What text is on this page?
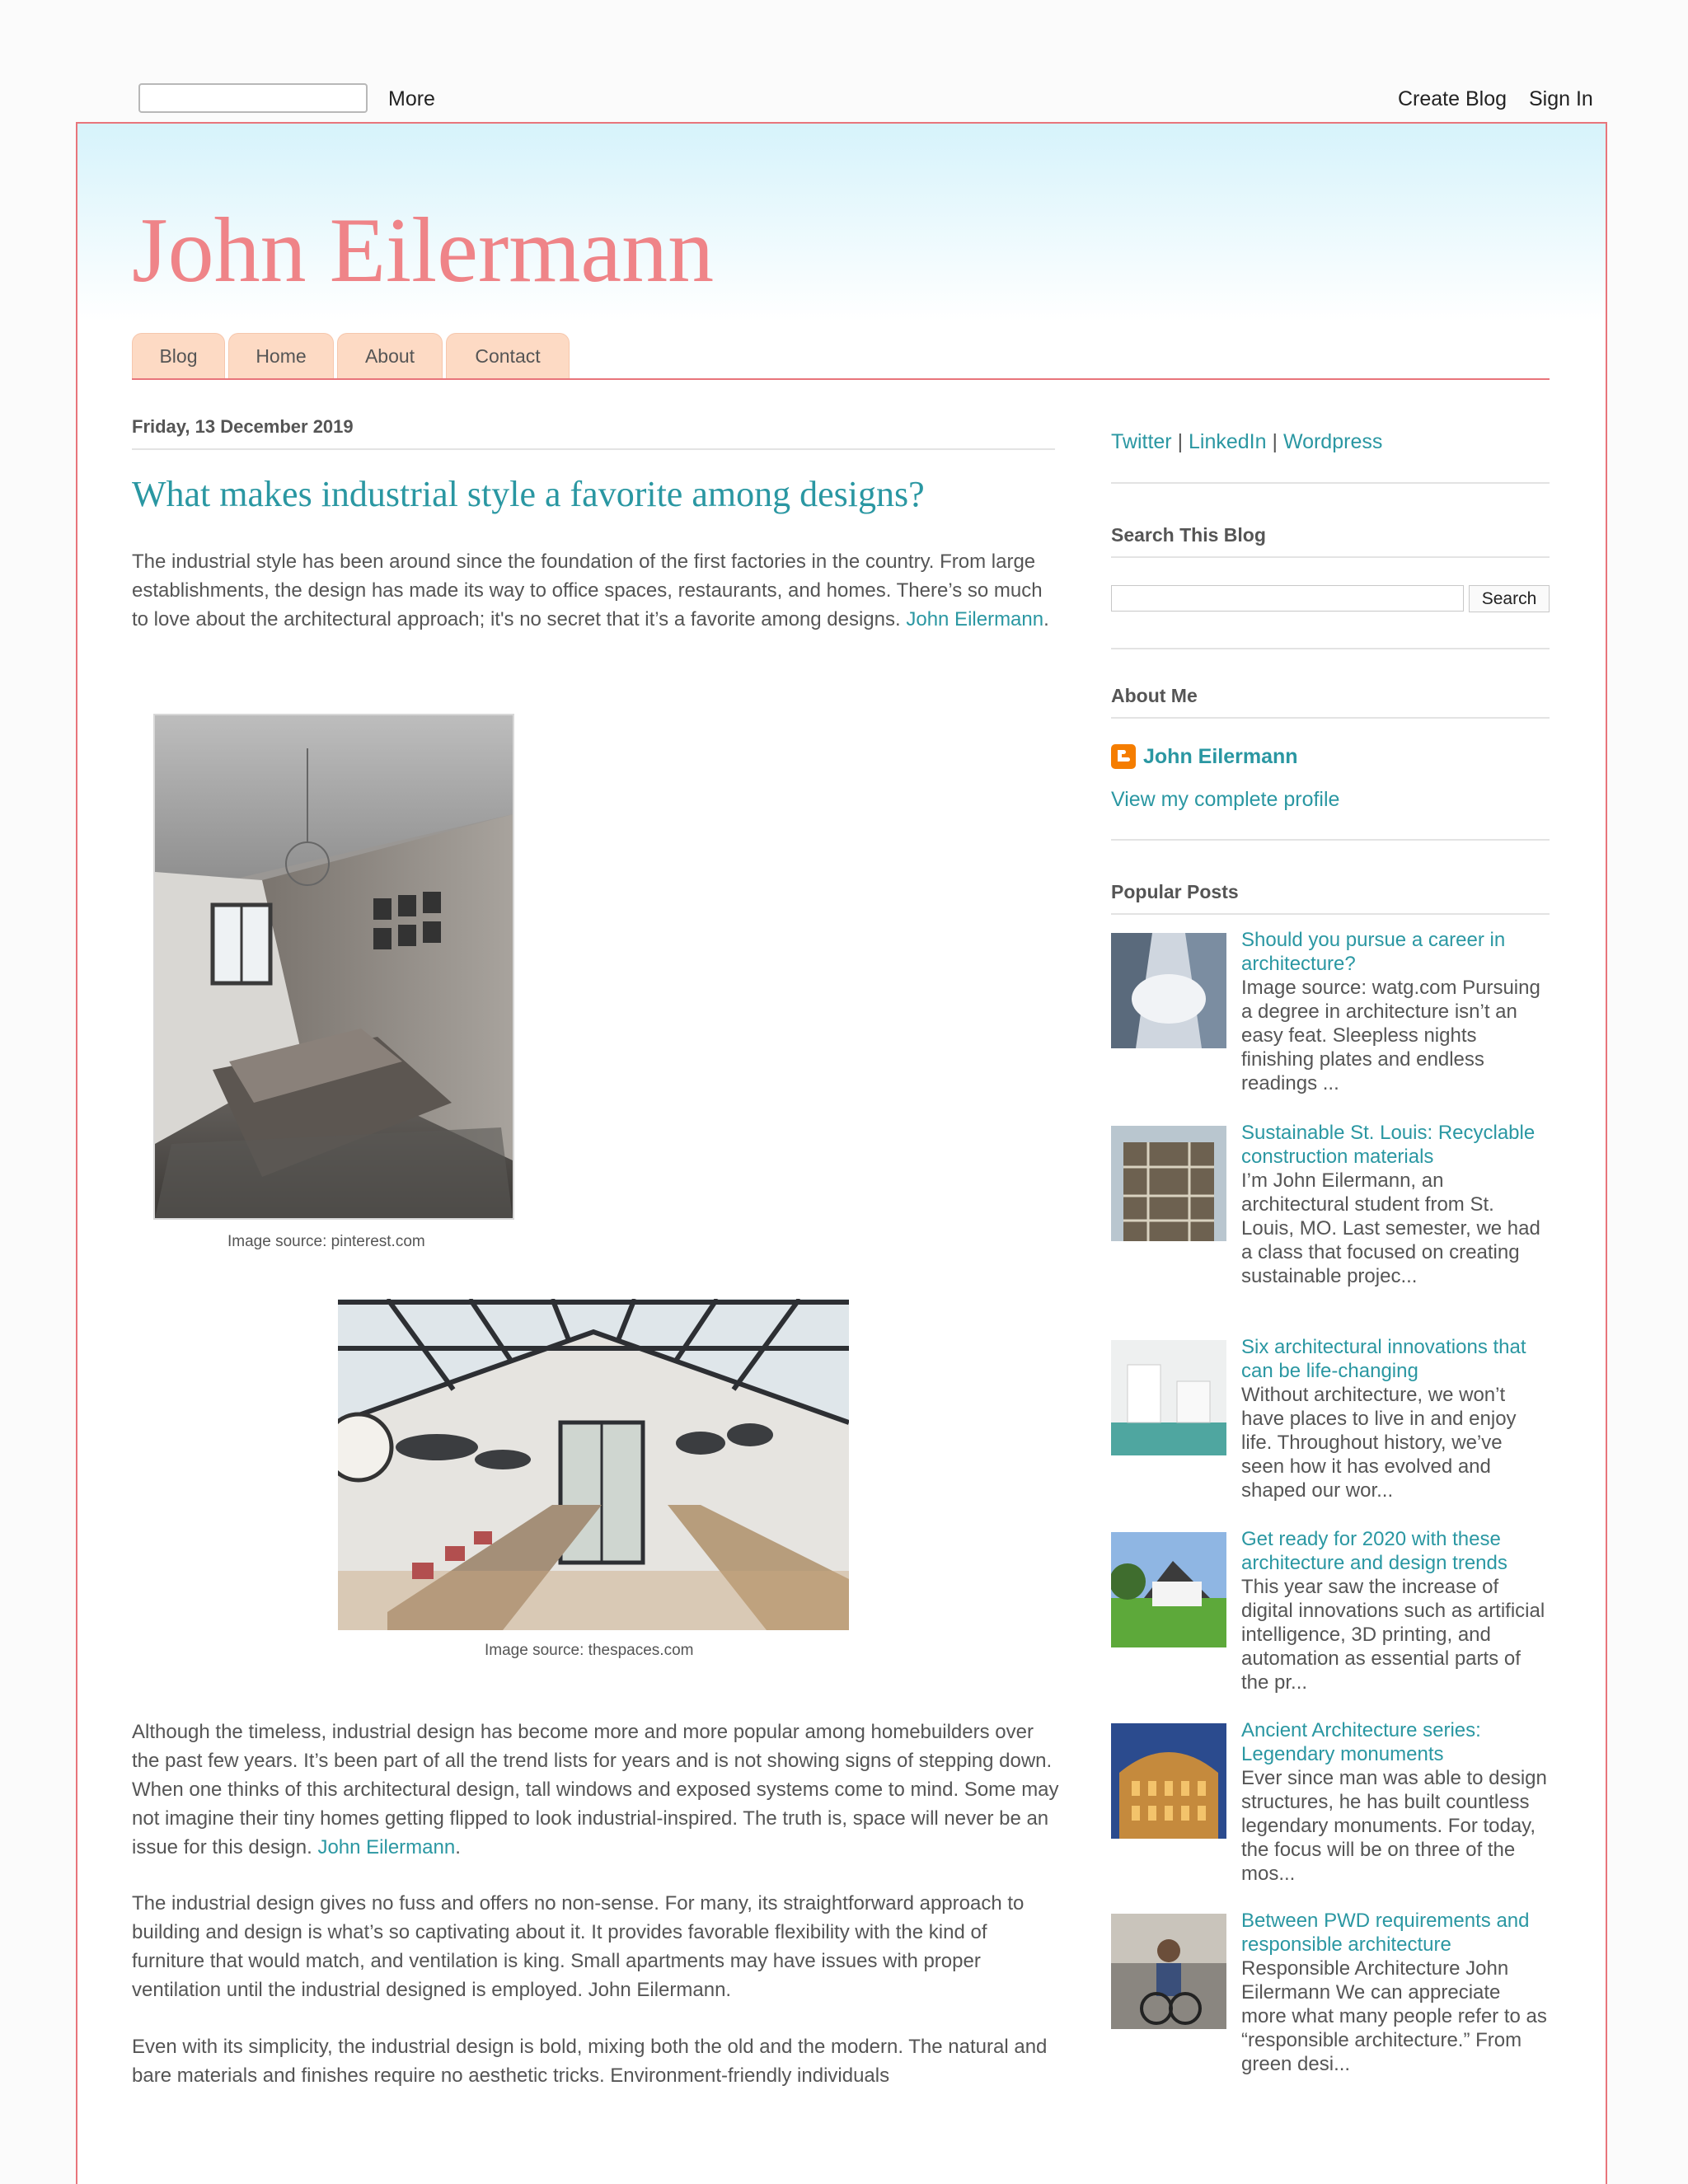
More	Create Blog Sign In
John Eilermann
Blog	Home	About	Contact
Friday, 13 December 2019
What makes industrial style a favorite among designs?
The industrial style has been around since the foundation of the first factories in the country. From large establishments, the design has made its way to office spaces, restaurants, and homes. There’s so much to love about the architectural approach; it's no secret that it’s a favorite among designs. John Eilermann.
Image source: pinterest.com
Image source: thespaces.com
Although the timeless, industrial design has become more and more popular among homebuilders over the past few years. It’s been part of all the trend lists for years and is not showing signs of stepping down. When one thinks of this architectural design, tall windows and exposed systems come to mind. Some may not imagine their tiny homes getting flipped to look industrial-inspired. The truth is, space will never be an issue for this design. John Eilermann.
The industrial design gives no fuss and offers no non-sense. For many, its straightforward approach to building and design is what’s so captivating about it. It provides favorable flexibility with the kind of furniture that would match, and ventilation is king. Small apartments may have issues with proper ventilation until the industrial designed is employed. John Eilermann.
Even with its simplicity, the industrial design is bold, mixing both the old and the modern. The natural and bare materials and finishes require no aesthetic tricks. Environment-friendly individuals
Twitter | LinkedIn | Wordpress
Search This Blog
Search
About Me
John Eilermann
View my complete profile
Popular Posts
Should you pursue a career in architecture?
Image source: watg.com Pursuing a degree in architecture isn’t an easy feat. Sleepless nights finishing plates and endless readings ...
Sustainable St. Louis: Recyclable construction materials
I’m John Eilermann, an architectural student from St. Louis, MO. Last semester, we had a class that focused on creating sustainable projec...
Six architectural innovations that can be life-changing
Without architecture, we won’t have places to live in and enjoy life. Throughout history, we’ve seen how it has evolved and shaped our wor...
Get ready for 2020 with these architecture and design trends
This year saw the increase of digital innovations such as artificial intelligence, 3D printing, and automation as essential parts of the pr...
Ancient Architecture series: Legendary monuments
Ever since man was able to design structures, he has built countless legendary monuments. For today, the focus will be on three of the mos...
Between PWD requirements and responsible architecture
Responsible Architecture John Eilermann We can appreciate more what many people refer to as “responsible architecture.” From green desi...
